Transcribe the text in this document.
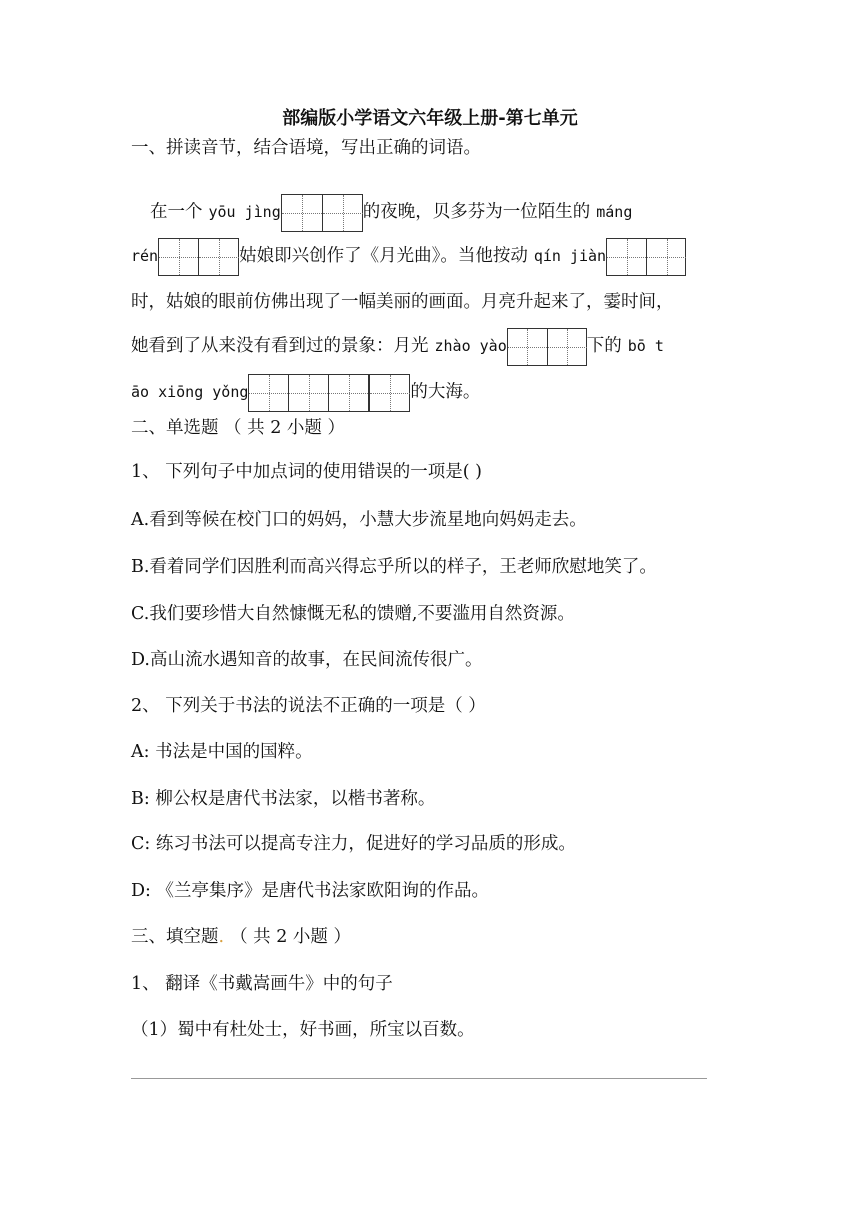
部编版小学语文六年级上册-第七单元
一、拼读音节，结合语境，写出正确的词语。
在一个 yōu jìng	的夜晚，贝多芬为一位陌生的 máng
rén	姑娘即兴创作了《月光曲》。当他按动 qín jiàn
时，姑娘的眼前仿佛出现了一幅美丽的画面。月亮升起来了，霎时间，
她看到了从来没有看到过的景象：月光 zhào yào	下的 bō t
āo xiōng yǒng	的大海。
二、单选题 （ 共 2 小题 ）
1、 下列句子中加点词的使用错误的一项是( )
A.看到等候在校门口的妈妈，小慧大步流星地向妈妈走去。
B.看着同学们因胜利而高兴得忘乎所以的样子，王老师欣慰地笑了。
C.我们要珍惜大自然慷慨无私的馈赠,不要滥用自然资源。
D.高山流水遇知音的故事，在民间流传很广。
2、 下列关于书法的说法不正确的一项是（ ）
A: 书法是中国的国粹。
B: 柳公权是唐代书法家，以楷书著称。
C: 练习书法可以提高专注力，促进好的学习品质的形成。
D: 《兰亭集序》是唐代书法家欧阳询的作品。
三、填空题. （ 共 2 小题 ）
1、 翻译《书戴嵩画牛》中的句子
（1）蜀中有杜处士，好书画，所宝以百数。
